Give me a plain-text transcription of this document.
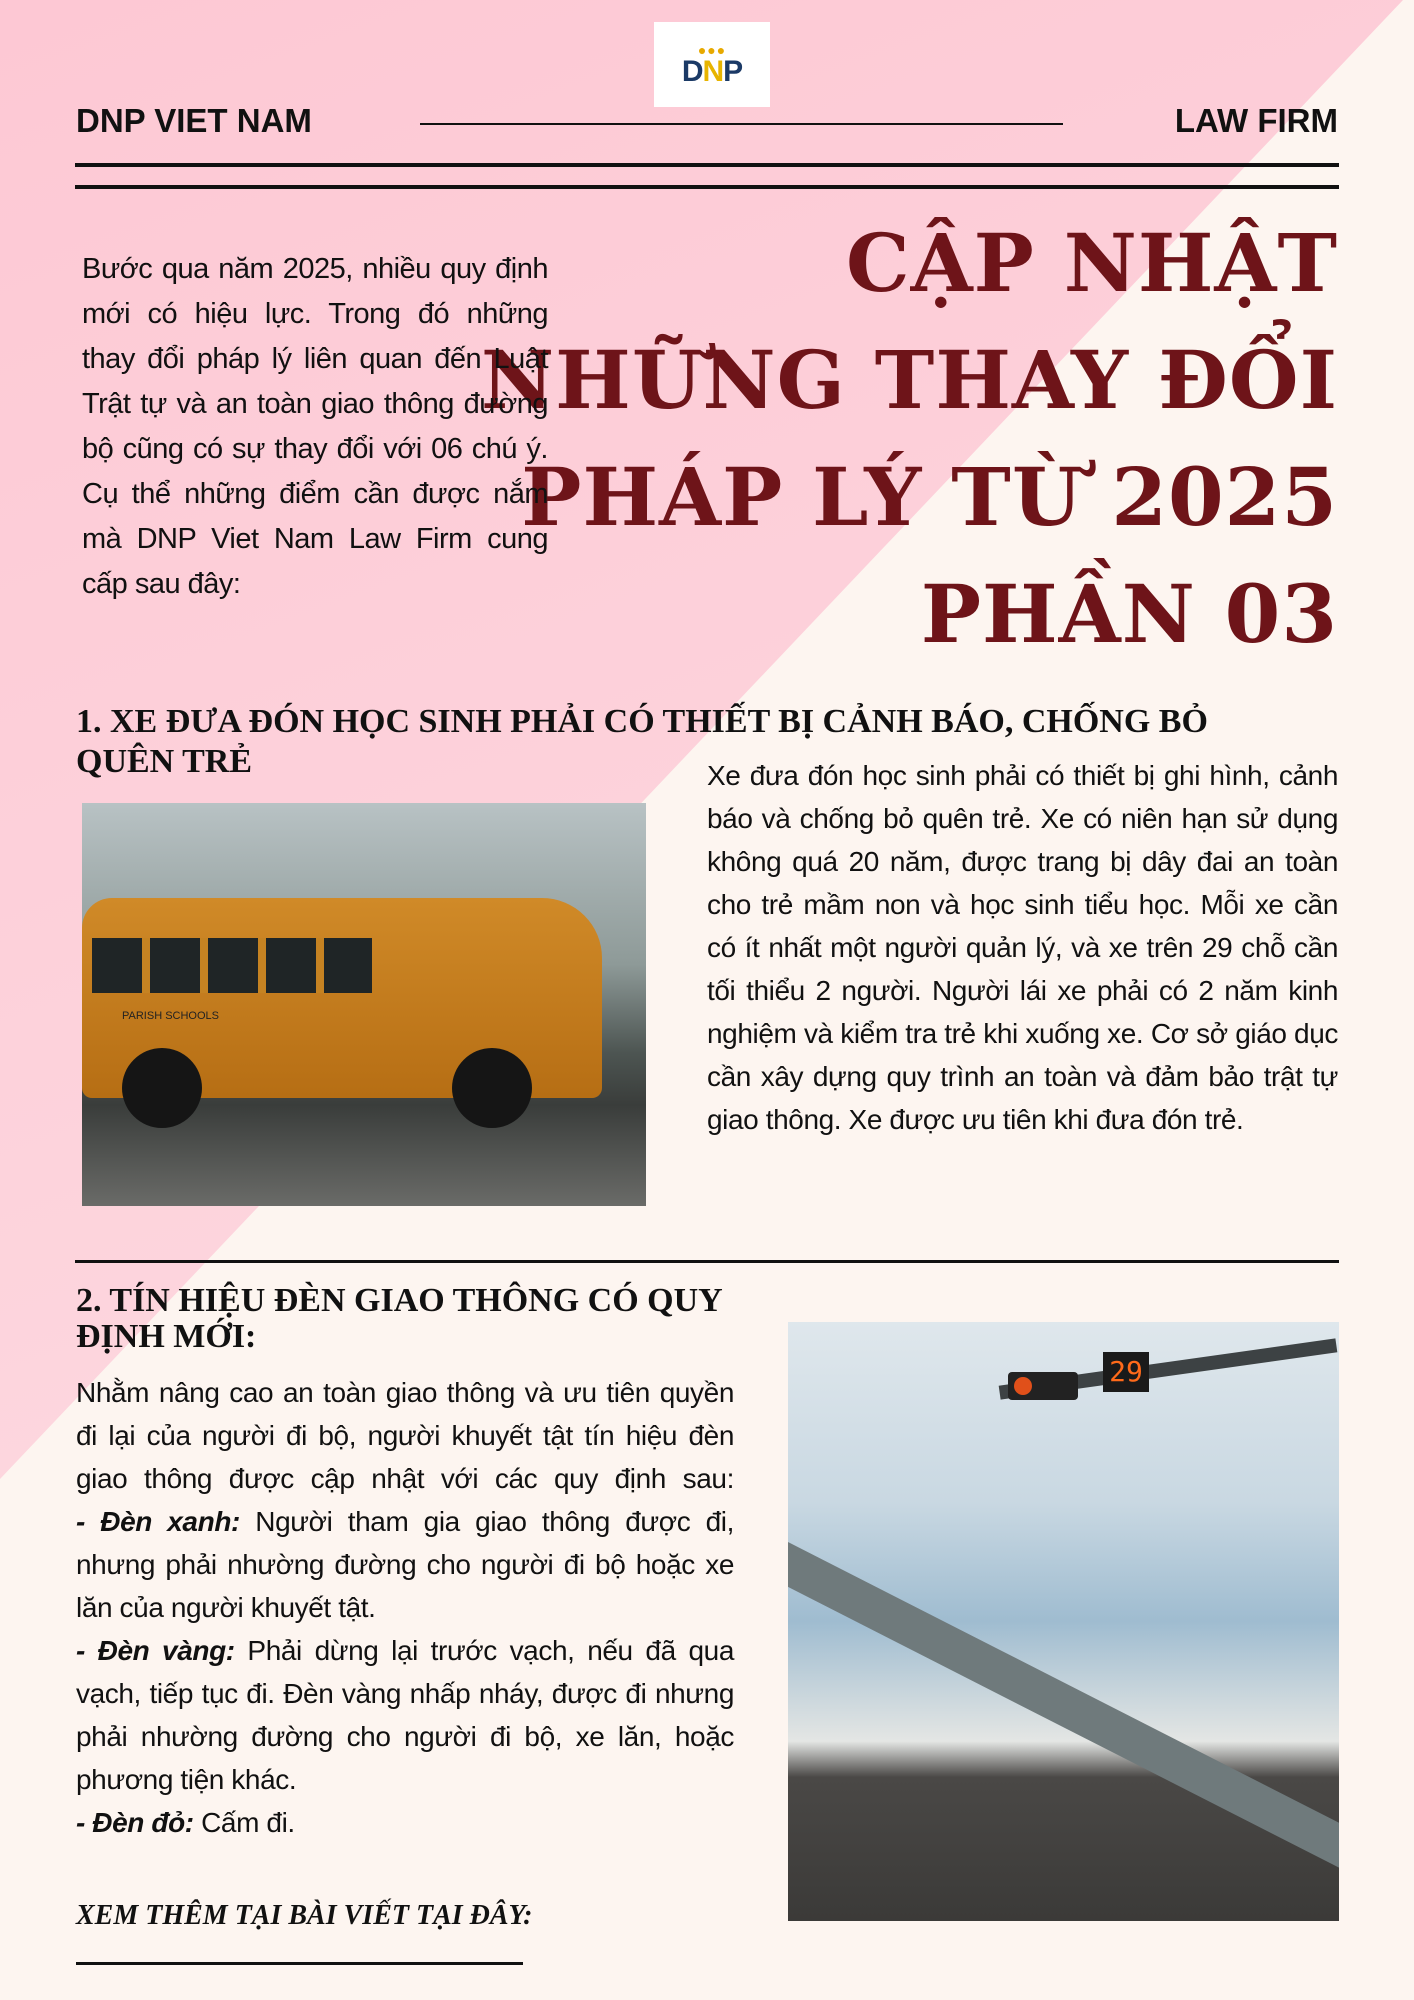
●●●
DNP
DNP VIET NAM	LAW FIRM
CẬP NHẬT
NHỮNG THAY ĐỔI
PHÁP LÝ TỪ 2025
PHẦN 03
Bước qua năm 2025, nhiều quy định mới có hiệu lực. Trong đó những thay đổi pháp lý liên quan đến Luật Trật tự và an toàn giao thông đường bộ cũng có sự thay đổi với 06 chú ý. Cụ thể những điểm cần được nắm mà DNP Viet Nam Law Firm cung cấp sau đây:
1. XE ĐƯA ĐÓN HỌC SINH PHẢI CÓ THIẾT BỊ CẢNH BÁO, CHỐNG BỎ QUÊN TRẺ
PARISH SCHOOLS
Xe đưa đón học sinh phải có thiết bị ghi hình, cảnh báo và chống bỏ quên trẻ. Xe có niên hạn sử dụng không quá 20 năm, được trang bị dây đai an toàn cho trẻ mầm non và học sinh tiểu học. Mỗi xe cần có ít nhất một người quản lý, và xe trên 29 chỗ cần tối thiểu 2 người. Người lái xe phải có 2 năm kinh nghiệm và kiểm tra trẻ khi xuống xe. Cơ sở giáo dục cần xây dựng quy trình an toàn và đảm bảo trật tự giao thông. Xe được ưu tiên khi đưa đón trẻ.
2. TÍN HIỆU ĐÈN GIAO THÔNG CÓ QUY ĐỊNH MỚI:
Nhằm nâng cao an toàn giao thông và ưu tiên quyền đi lại của người đi bộ, người khuyết tật tín hiệu đèn giao thông được cập nhật với các quy định sau:
- Đèn xanh: Người tham gia giao thông được đi, nhưng phải nhường đường cho người đi bộ hoặc xe lăn của người khuyết tật.
- Đèn vàng: Phải dừng lại trước vạch, nếu đã qua vạch, tiếp tục đi. Đèn vàng nhấp nháy, được đi nhưng phải nhường đường cho người đi bộ, xe lăn, hoặc phương tiện khác.
- Đèn đỏ: Cấm đi.
29
XEM THÊM TẠI BÀI VIẾT TẠI ĐÂY:
